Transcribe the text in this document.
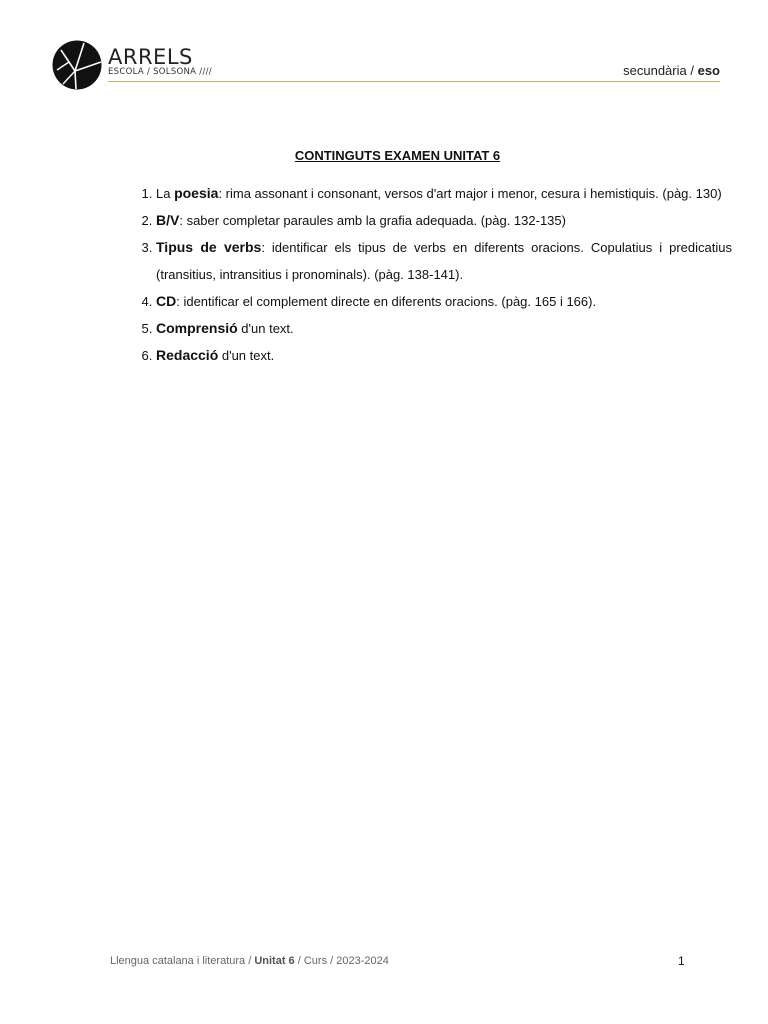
ARRELS
ESCOLA / SOLSONA ////	secundària / eso
CONTINGUTS EXAMEN UNITAT 6
1. La poesia: rima assonant i consonant, versos d'art major i menor, cesura i hemistiquis. (pàg. 130)
2. B/V: saber completar paraules amb la grafia adequada. (pàg. 132-135)
3. Tipus de verbs: identificar els tipus de verbs en diferents oracions. Copulatius i predicatius (transitius, intransitius i pronominals). (pàg. 138-141).
4. CD: identificar el complement directe en diferents oracions. (pàg. 165 i 166).
5. Comprensió d'un text.
6. Redacció d'un text.
Llengua catalana i literatura / Unitat 6 / Curs / 2023-2024	1
